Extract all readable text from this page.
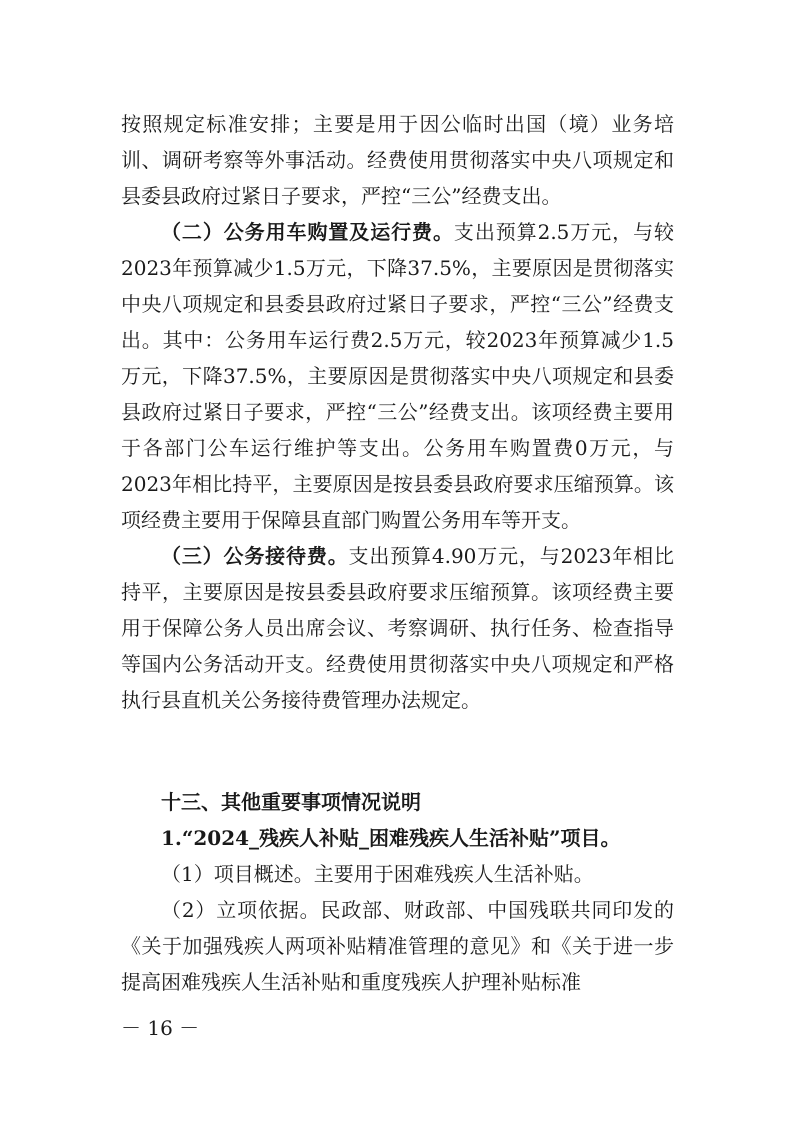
按照规定标准安排；主要是用于因公临时出国（境）业务培训、调研考察等外事活动。经费使用贯彻落实中央八项规定和县委县政府过紧日子要求，严控“三公”经费支出。

（二）公务用车购置及运行费。支出预算2.5万元，与较2023年预算减少1.5万元，下降37.5%，主要原因是贯彻落实中央八项规定和县委县政府过紧日子要求，严控“三公”经费支出。其中：公务用车运行费2.5万元，较2023年预算减少1.5万元，下降37.5%，主要原因是贯彻落实中央八项规定和县委县政府过紧日子要求，严控“三公”经费支出。该项经费主要用于各部门公车运行维护等支出。公务用车购置费0万元，与2023年相比持平，主要原因是按县委县政府要求压缩预算。该项经费主要用于保障县直部门购置公务用车等开支。

（三）公务接待费。支出预算4.90万元，与2023年相比持平，主要原因是按县委县政府要求压缩预算。该项经费主要用于保障公务人员出席会议、考察调研、执行任务、检查指导等国内公务活动开支。经费使用贯彻落实中央八项规定和严格执行县直机关公务接待费管理办法规定。

十三、其他重要事项情况说明

1.“2024_残疾人补贴_困难残疾人生活补贴”项目。

（1）项目概述。主要用于困难残疾人生活补贴。

（2）立项依据。民政部、财政部、中国残联共同印发的《关于加强残疾人两项补贴精准管理的意见》和《关于进一步提高困难残疾人生活补贴和重度残疾人护理补贴标准

－ 16 －
